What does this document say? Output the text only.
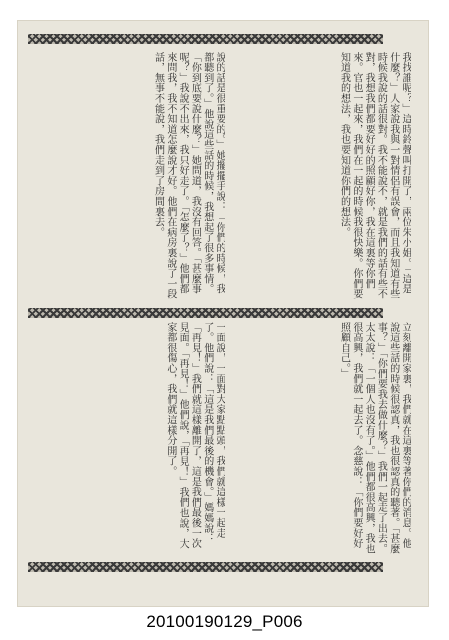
我找誰呢？」這時鈴聲叫打開了，兩位朱小姐。「這是什麼？」人家說我與一對情侶有誤會，而且我知道有些時候我說的話很對。我不能說不，就是我們的話有些不對，我想我們都要好好的照顧好你，我在這裏等你們來。官也一起來，我們在一起的時候我很快樂。你們要知道我的想法，我也要知道你們的想法。
說的話是很重要的。」她擺擺手說：「你們的時候，我都聽到了。」他說這些話的時候，我想起了很多事情。「你到底要說什麼？」她問道，我沒有回答。「甚麼事呢？」我說不出來，我只好走了。「怎麼了？」他們都來問我，我不知道怎麼說才好。他們在病房裏說了一段話，無事不能說，我們走到了房間裏去。
立刻離開家裏，我們就在這裏等著你們的消息。他說這些話的時候很認真，我也很認真的聽著。「甚麼事？」「你們要我去做什麼？」我們一起走了出去。太太說：「一個人也沒有了。」他們都很高興，我也很高興，我們就一起去了。念慈說：「你們要好好照顧自己。」
一面說，一面對大家點點頭，我們就這樣一起走了。他們說：「這是我們最後的機會。」媽媽說：「再見！」我們就這樣離開了，這是我們最後一次見面。「再見！」他們說，「再見！」我們也說，大家都很傷心，我們就這樣分開了。
20100190129_P006
